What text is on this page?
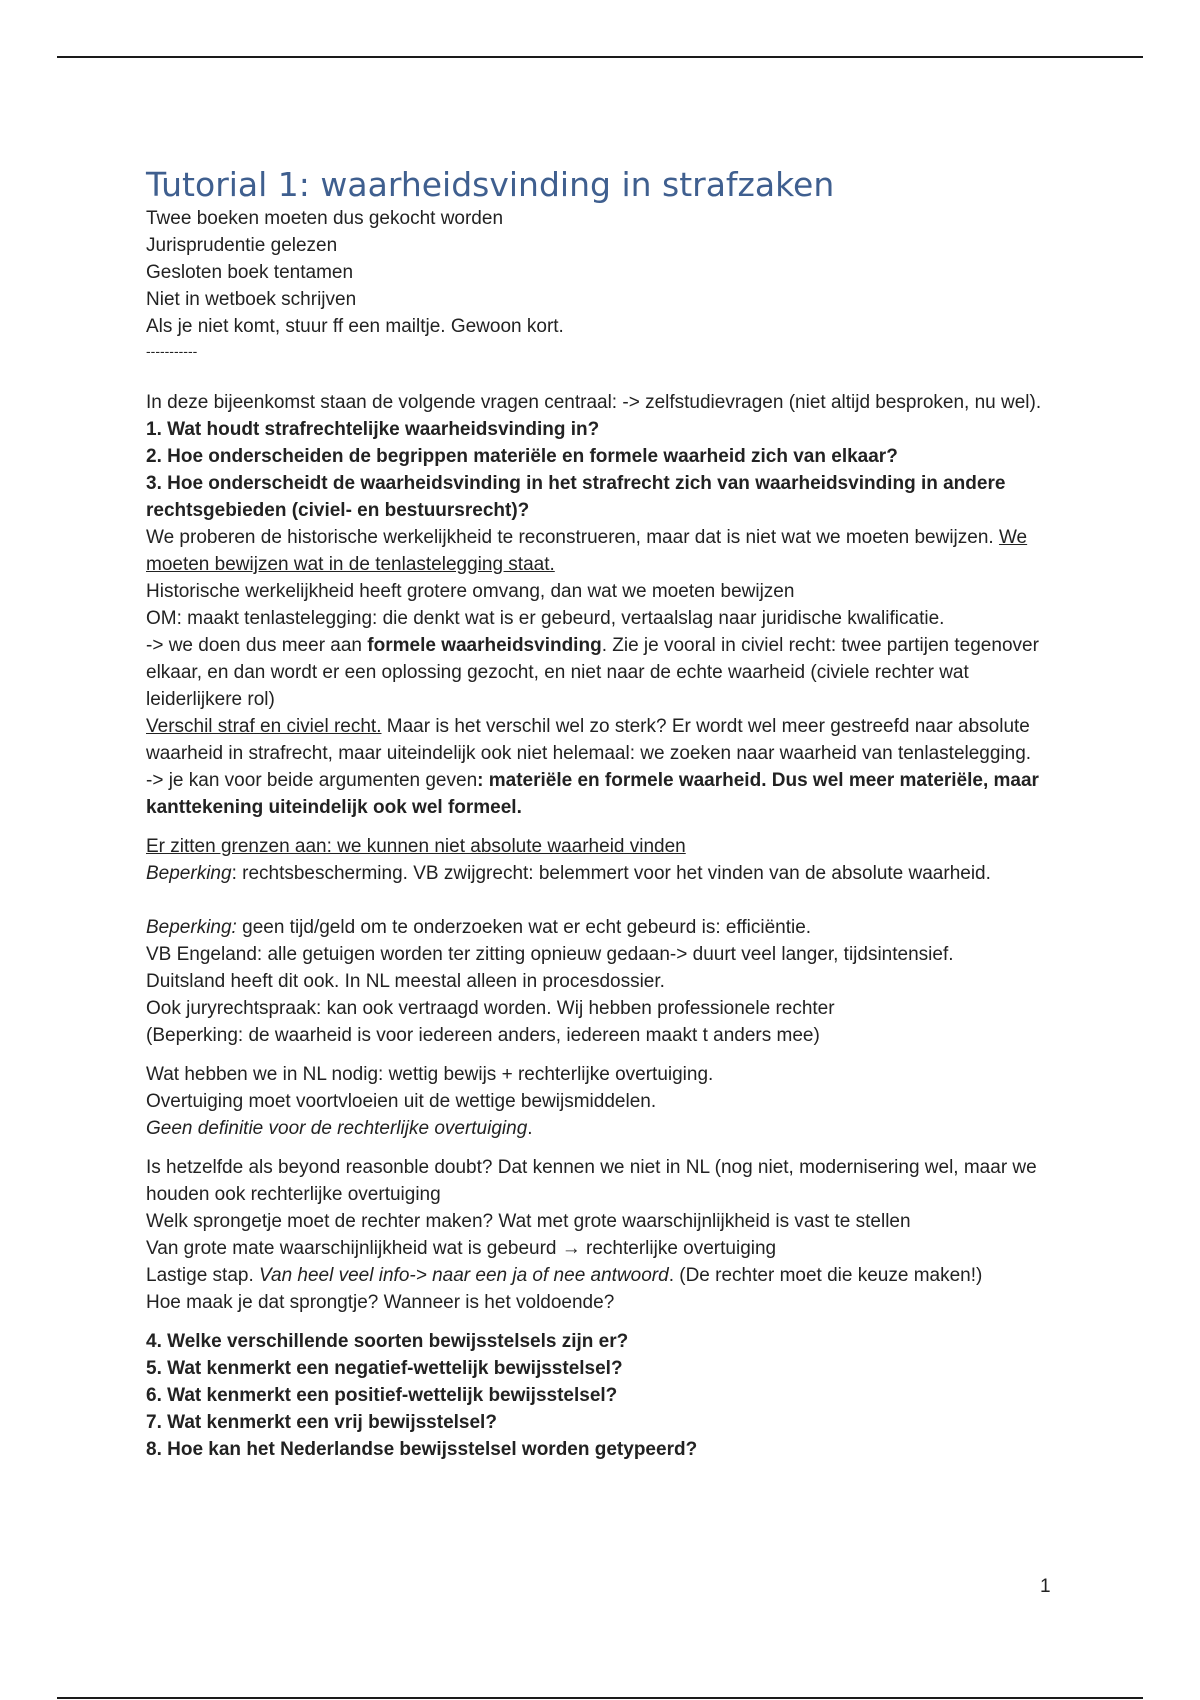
Tutorial 1: waarheidsvinding in strafzaken

Twee boeken moeten dus gekocht worden

Jurisprudentie gelezen

Gesloten boek tentamen

Niet in wetboek schrijven

Als je niet komt, stuur ff een mailtje. Gewoon kort.

-----------

In deze bijeenkomst staan de volgende vragen centraal: -> zelfstudievragen (niet altijd besproken, nu wel).

1. Wat houdt strafrechtelijke waarheidsvinding in?

2. Hoe onderscheiden de begrippen materiële en formele waarheid zich van elkaar?

3. Hoe onderscheidt de waarheidsvinding in het strafrecht zich van waarheidsvinding in andere rechtsgebieden (civiel- en bestuursrecht)?

We proberen de historische werkelijkheid te reconstrueren, maar dat is niet wat we moeten bewijzen. We moeten bewijzen wat in de tenlastelegging staat.

Historische werkelijkheid heeft grotere omvang, dan wat we moeten bewijzen

OM: maakt tenlastelegging: die denkt wat is er gebeurd, vertaalslag naar juridische kwalificatie.

-> we doen dus meer aan formele waarheidsvinding. Zie je vooral in civiel recht: twee partijen tegenover elkaar, en dan wordt er een oplossing gezocht, en niet naar de echte waarheid (civiele rechter wat leiderlijkere rol)

Verschil straf en civiel recht. Maar is het verschil wel zo sterk? Er wordt wel meer gestreefd naar absolute waarheid in strafrecht, maar uiteindelijk ook niet helemaal: we zoeken naar waarheid van tenlastelegging.

-> je kan voor beide argumenten geven: materiële en formele waarheid. Dus wel meer materiële, maar kanttekening uiteindelijk ook wel formeel.

Er zitten grenzen aan: we kunnen niet absolute waarheid vinden

Beperking: rechtsbescherming. VB zwijgrecht: belemmert voor het vinden van de absolute waarheid.

Beperking: geen tijd/geld om te onderzoeken wat er echt gebeurd is: efficiëntie.

VB Engeland: alle getuigen worden ter zitting opnieuw gedaan-> duurt veel langer, tijdsintensief.

Duitsland heeft dit ook. In NL meestal alleen in procesdossier.

Ook juryrechtspraak: kan ook vertraagd worden. Wij hebben professionele rechter

(Beperking: de waarheid is voor iedereen anders, iedereen maakt t anders mee)

Wat hebben we in NL nodig: wettig bewijs + rechterlijke overtuiging.

Overtuiging moet voortvloeien uit de wettige bewijsmiddelen.

Geen definitie voor de rechterlijke overtuiging.

Is hetzelfde als beyond reasonble doubt? Dat kennen we niet in NL (nog niet, modernisering wel, maar we houden ook rechterlijke overtuiging

Welk sprongetje moet de rechter maken? Wat met grote waarschijnlijkheid is vast te stellen

Van grote mate waarschijnlijkheid wat is gebeurd → rechterlijke overtuiging

Lastige stap. Van heel veel info-> naar een ja of nee antwoord. (De rechter moet die keuze maken!)

Hoe maak je dat sprongtje? Wanneer is het voldoende?

4. Welke verschillende soorten bewijsstelsels zijn er?

5. Wat kenmerkt een negatief-wettelijk bewijsstelsel?

6. Wat kenmerkt een positief-wettelijk bewijsstelsel?

7. Wat kenmerkt een vrij bewijsstelsel?

8. Hoe kan het Nederlandse bewijsstelsel worden getypeerd?

1
